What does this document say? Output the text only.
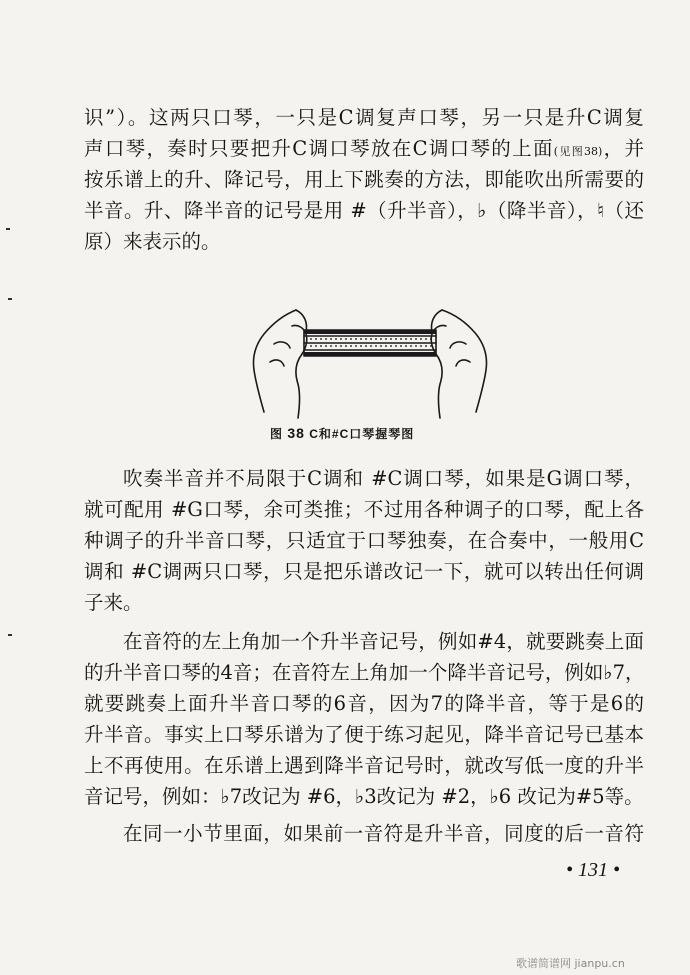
识”）。这两只口琴，一只是C调复声口琴，另一只是升C调复
声口琴，奏时只要把升C调口琴放在C调口琴的上面(见图38)，并
按乐谱上的升、降记号，用上下跳奏的方法，即能吹出所需要的
半音。升、降半音的记号是用 #（升半音），♭（降半音），♮（还
原）来表示的。
图 38 C和#C口琴握琴图
吹奏半音并不局限于C调和 #C调口琴，如果是G调口琴，
就可配用 #G口琴，余可类推；不过用各种调子的口琴，配上各
种调子的升半音口琴，只适宜于口琴独奏，在合奏中，一般用C
调和 #C调两只口琴，只是把乐谱改记一下，就可以转出任何调
子来。
在音符的左上角加一个升半音记号，例如#4，就要跳奏上面
的升半音口琴的4音；在音符左上角加一个降半音记号，例如♭7，
就要跳奏上面升半音口琴的6音，因为7的降半音，等于是6的
升半音。事实上口琴乐谱为了便于练习起见，降半音记号已基本
上不再使用。在乐谱上遇到降半音记号时，就改写低一度的升半
音记号，例如：♭7改记为 #6，♭3改记为 #2，♭6 改记为#5等。
在同一小节里面，如果前一音符是升半音，同度的后一音符
• 131 •
歌谱简谱网 jianpu.cn
